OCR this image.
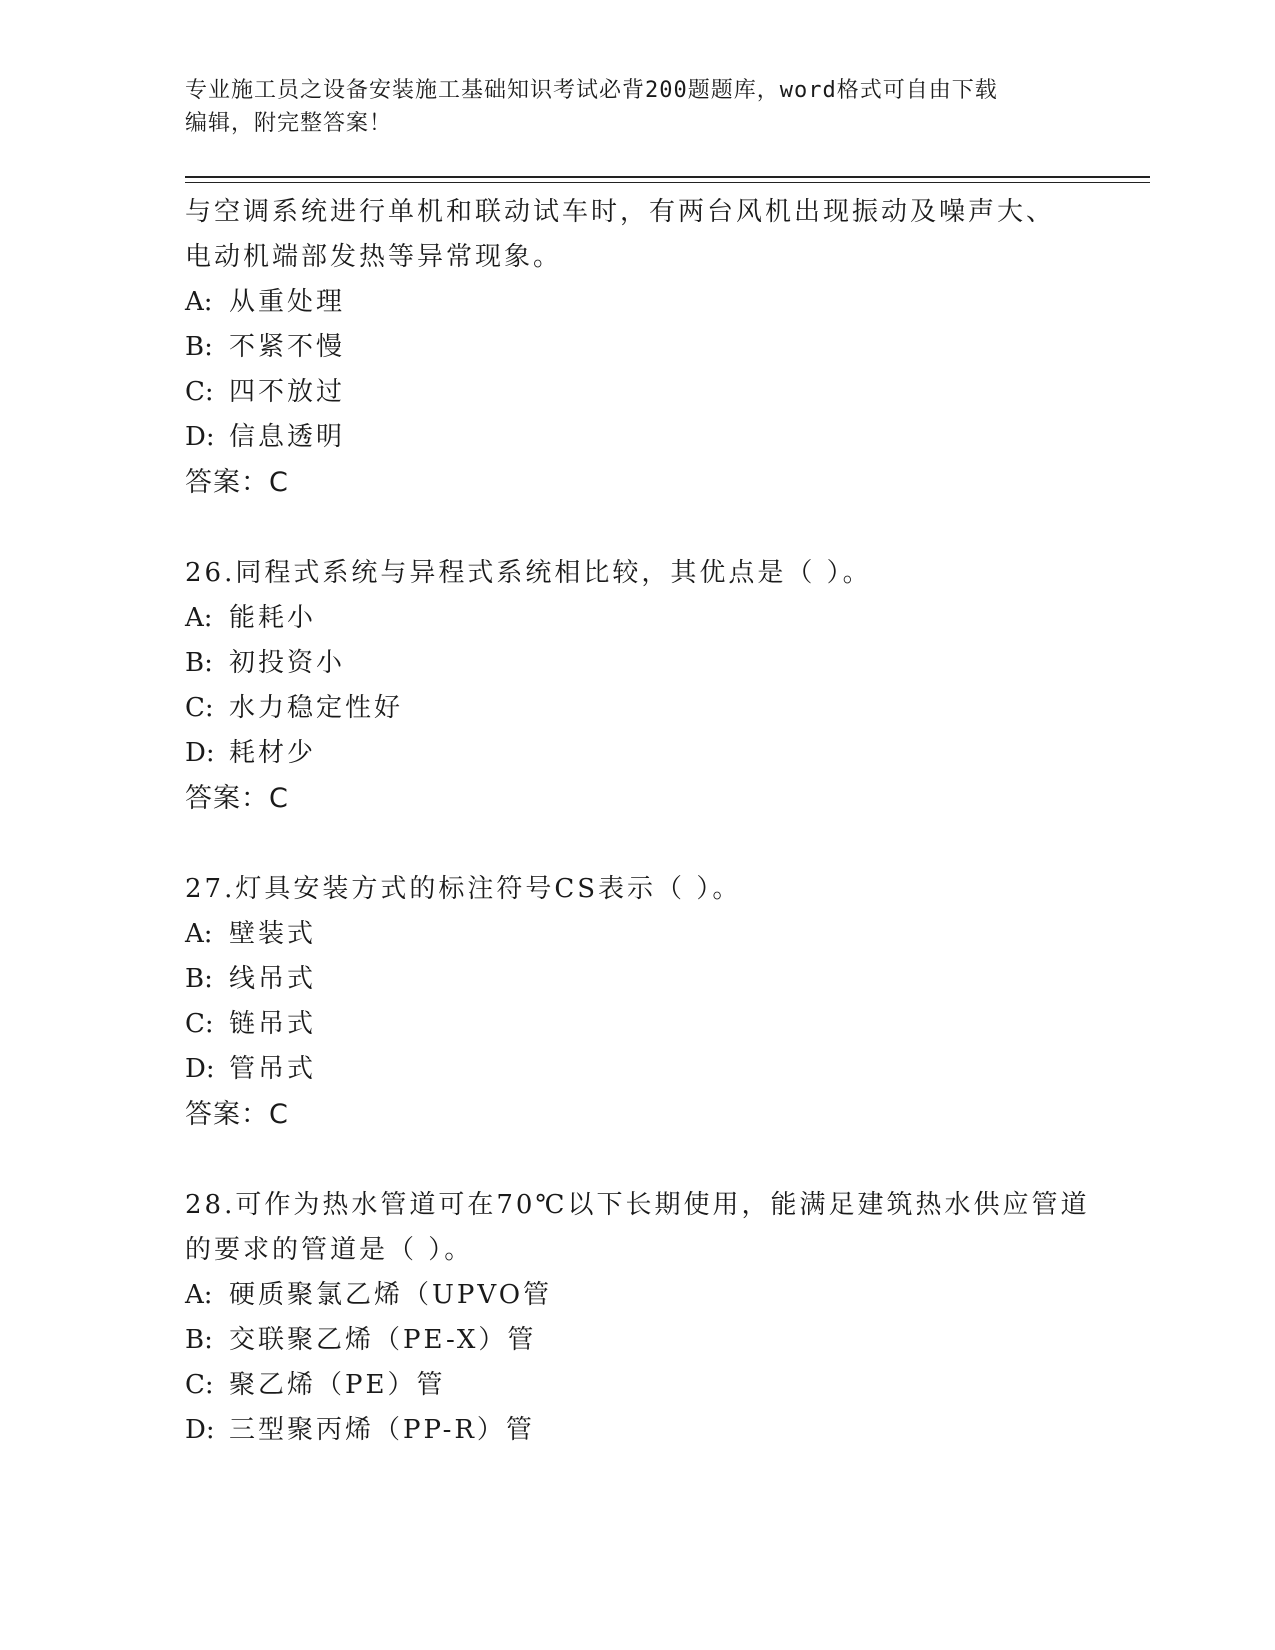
专业施工员之设备安装施工基础知识考试必背200题题库，word格式可自由下载
编辑，附完整答案！
与空调系统进行单机和联动试车时，有两台风机出现振动及噪声大、
电动机端部发热等异常现象。
A: 从重处理
B: 不紧不慢
C: 四不放过
D: 信息透明
答案：C
26.同程式系统与异程式系统相比较，其优点是（ ）。
A: 能耗小
B: 初投资小
C: 水力稳定性好
D: 耗材少
答案：C
27.灯具安装方式的标注符号CS表示（ ）。
A: 壁装式
B: 线吊式
C: 链吊式
D: 管吊式
答案：C
28.可作为热水管道可在70℃以下长期使用，能满足建筑热水供应管道
的要求的管道是（ ）。
A: 硬质聚氯乙烯（UPVO管
B: 交联聚乙烯（PE-X）管
C: 聚乙烯（PE）管
D: 三型聚丙烯（PP-R）管
